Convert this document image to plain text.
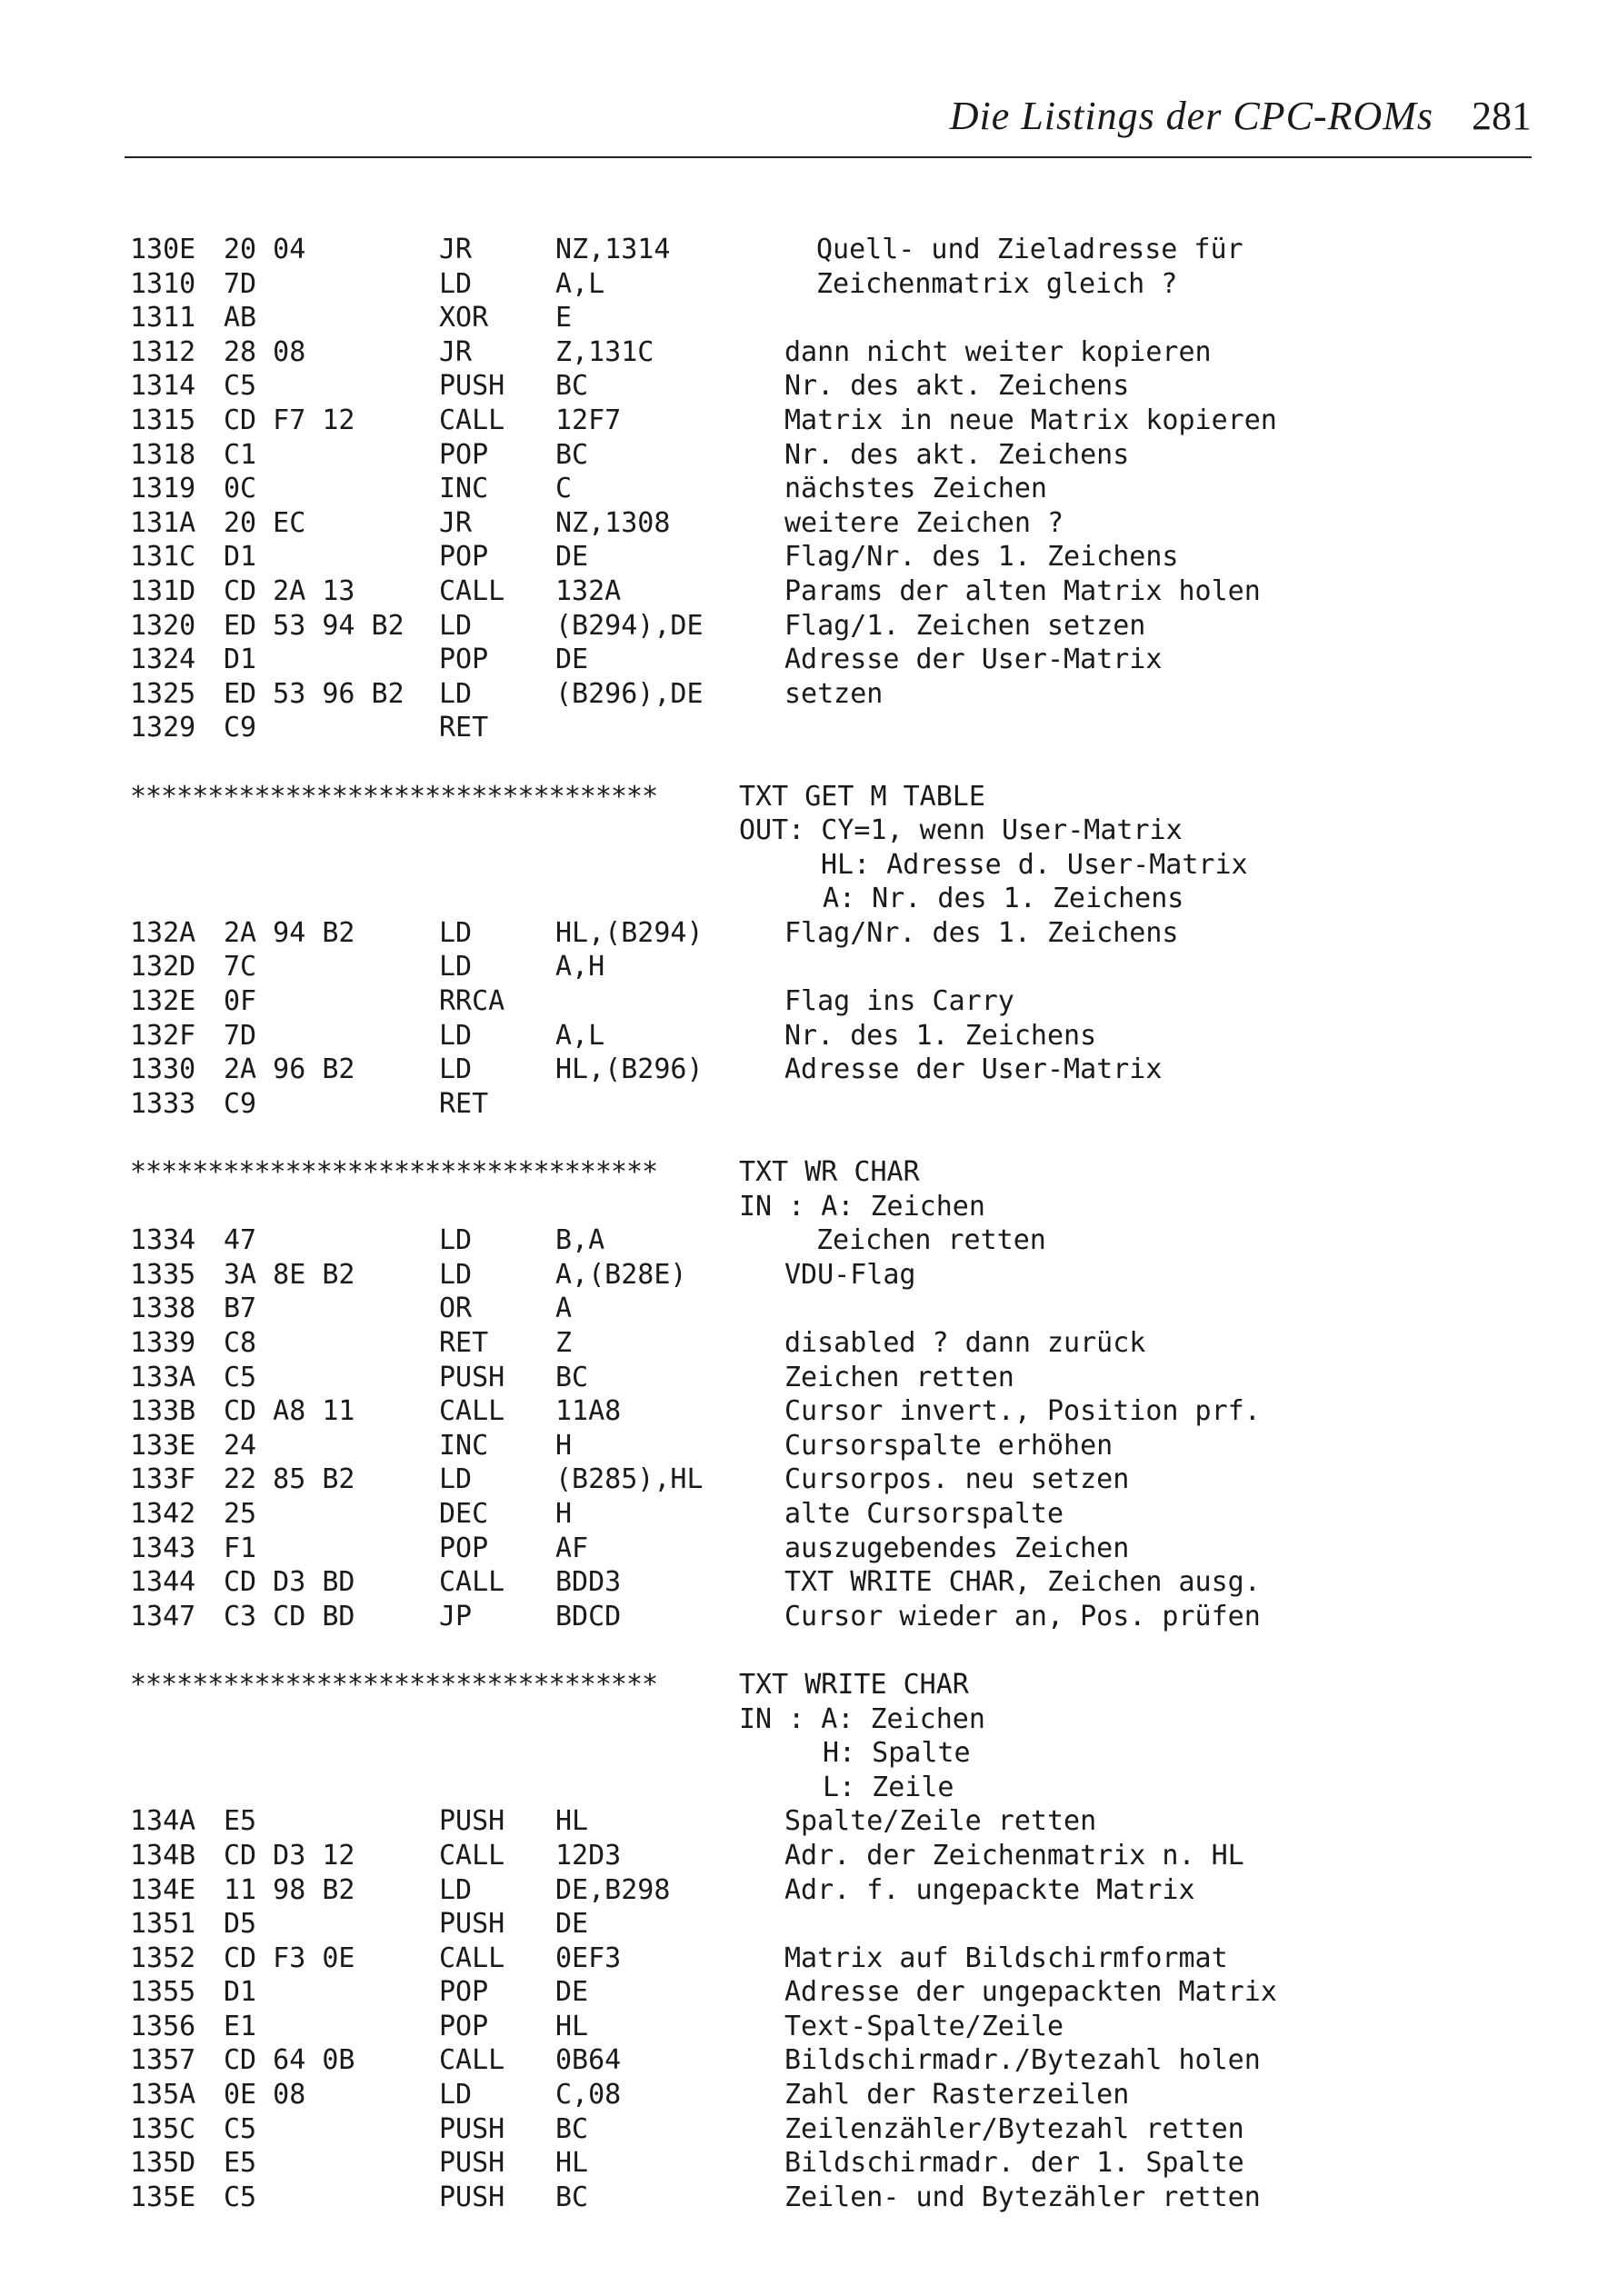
Die Listings der CPC-ROMs 281
130E 20 04	JR	NZ,1314	Quell- und Zieladresse für
1310 7D	LD	A,L	Zeichenmatrix gleich ?
1311 AB	XOR E
1312 28 08	JR	Z,131C	dann nicht weiter kopieren
1314 C5	PUSH BC	Nr. des akt. Zeichens
1315 CD F7 12	CALL 12F7	Matrix in neue Matrix kopieren
1318 C1	POP BC	Nr. des akt. Zeichens
1319 0C	INC C	nächstes Zeichen
131A 20 EC	JR	NZ,1308	weitere Zeichen ?
131C D1	POP DE	Flag/Nr. des 1. Zeichens
131D CD 2A 13	CALL 132A	Params der alten Matrix holen
1320 ED 53 94 B2 LD	(B294),DE	Flag/1. Zeichen setzen
1324 D1	POP DE	Adresse der User-Matrix
1325 ED 53 96 B2 LD	(B296),DE	setzen
1329 C9	RET
**********************************	TXT GET M TABLE
OUT: CY=1, wenn User-Matrix
HL: Adresse d. User-Matrix
A: Nr. des 1. Zeichens
132A 2A 94 B2	LD	HL,(B294)	Flag/Nr. des 1. Zeichens
132D 7C	LD	A,H
132E 0F	RRCA	Flag ins Carry
132F 7D	LD	A,L	Nr. des 1. Zeichens
1330 2A 96 B2	LD	HL,(B296)	Adresse der User-Matrix
1333 C9	RET
**********************************	TXT WR CHAR
IN : A: Zeichen
1334 47	LD	B,A	Zeichen retten
1335 3A 8E B2	LD	A,(B28E)	VDU-Flag
1338 B7	OR	A
1339 C8	RET Z	disabled ? dann zurück
133A C5	PUSH BC	Zeichen retten
133B CD A8 11	CALL 11A8	Cursor invert., Position prf.
133E 24	INC H	Cursorspalte erhöhen
133F 22 85 B2	LD	(B285),HL	Cursorpos. neu setzen
1342 25	DEC H	alte Cursorspalte
1343 F1	POP AF	auszugebendes Zeichen
1344 CD D3 BD	CALL BDD3	TXT WRITE CHAR, Zeichen ausg.
1347 C3 CD BD	JP	BDCD	Cursor wieder an, Pos. prüfen
**********************************	TXT WRITE CHAR
IN : A: Zeichen
H: Spalte
L: Zeile
134A E5	PUSH HL	Spalte/Zeile retten
134B CD D3 12	CALL 12D3	Adr. der Zeichenmatrix n. HL
134E 11 98 B2	LD	DE,B298	Adr. f. ungepackte Matrix
1351 D5	PUSH DE
1352 CD F3 0E	CALL 0EF3	Matrix auf Bildschirmformat
1355 D1	POP DE	Adresse der ungepackten Matrix
1356 E1	POP HL	Text-Spalte/Zeile
1357 CD 64 0B	CALL 0B64	Bildschirmadr./Bytezahl holen
135A 0E 08	LD	C,08	Zahl der Rasterzeilen
135C C5	PUSH BC	Zeilenzähler/Bytezahl retten
135D E5	PUSH HL	Bildschirmadr. der 1. Spalte
135E C5	PUSH BC	Zeilen- und Bytezähler retten
